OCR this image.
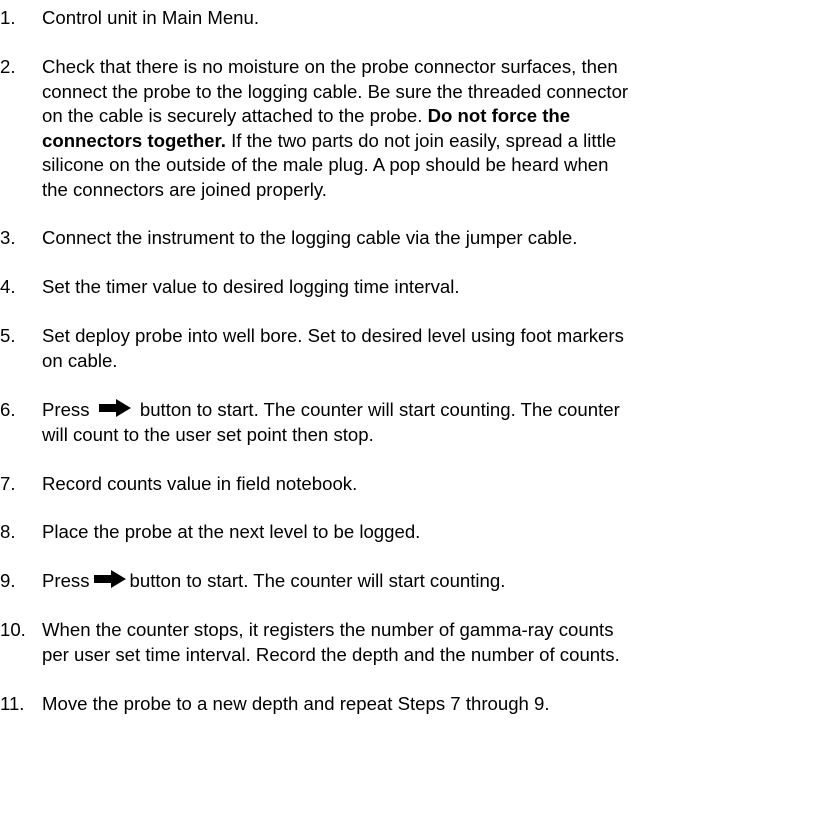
1. Control unit in Main Menu.
2. Check that there is no moisture on the probe connector surfaces, then
connect the probe to the logging cable. Be sure the threaded connector
on the cable is securely attached to the probe. Do not force the
connectors together. If the two parts do not join easily, spread a little
silicone on the outside of the male plug. A pop should be heard when
the connectors are joined properly.
3. Connect the instrument to the logging cable via the jumper cable.
4. Set the timer value to desired logging time interval.
5. Set deploy probe into well bore. Set to desired level using foot markers
on cable.
6. Press
button to start. The counter will start counting. The counter
will count to the user set point then stop.
7. Record counts value in field notebook.
8. Place the probe at the next level to be logged.
9. Press button to start. The counter will start counting.
10. When the counter stops, it registers the number of gamma-ray counts
per user set time interval. Record the depth and the number of counts.
11. Move the probe to a new depth and repeat Steps 7 through 9.
